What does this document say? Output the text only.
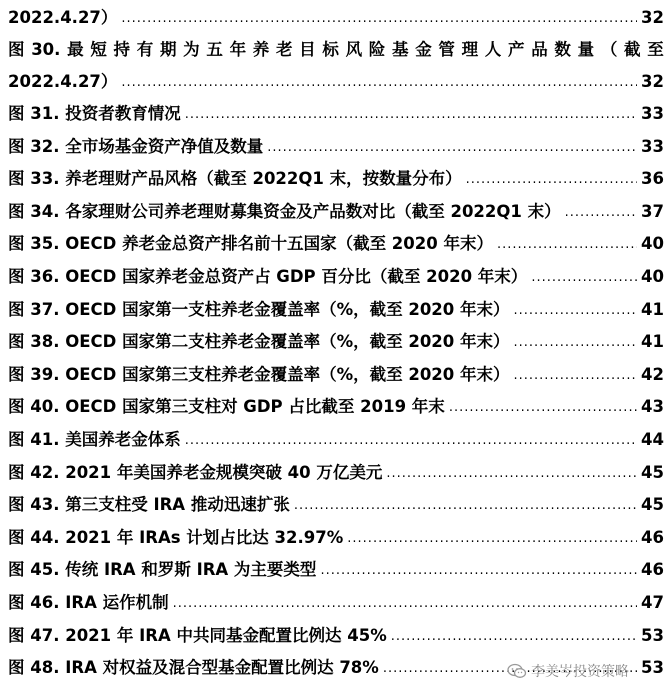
2022.4.27） .....	32
图 30. 最 短 持 有 期 为 五 年 养 老 目 标 风 险 基 金 管 理 人 产 品 数 量 （ 截 至
2022.4.27） .....	32
图 31. 投资者教育情况 .....	33
图 32. 全市场基金资产净值及数量 .....	33
图 33. 养老理财产品风格（截至 2022Q1 末，按数量分布） .....	36
图 34. 各家理财公司养老理财募集资金及产品数对比（截至 2022Q1 末） .....	37
图 35. OECD 养老金总资产排名前十五国家（截至 2020 年末） .....	40
图 36. OECD 国家养老金总资产占 GDP 百分比（截至 2020 年末） .....	40
图 37. OECD 国家第一支柱养老金覆盖率（%，截至 2020 年末） .....	41
图 38. OECD 国家第二支柱养老金覆盖率（%，截至 2020 年末） .....	41
图 39. OECD 国家第三支柱养老金覆盖率（%，截至 2020 年末） .....	42
图 40. OECD 国家第三支柱对 GDP 占比截至 2019 年末 .....	43
图 41. 美国养老金体系 .....	44
图 42. 2021 年美国养老金规模突破 40 万亿美元 .....	45
图 43. 第三支柱受 IRA 推动迅速扩张 .....	45
图 44. 2021 年 IRAs 计划占比达 32.97% .....	46
图 45. 传统 IRA 和罗斯 IRA 为主要类型 .....	46
图 46. IRA 运作机制 .....	47
图 47. 2021 年 IRA 中共同基金配置比例达 45% .....	53
图 48. IRA 对权益及混合型基金配置比例达 78% .....	53
李美岑投资策略
